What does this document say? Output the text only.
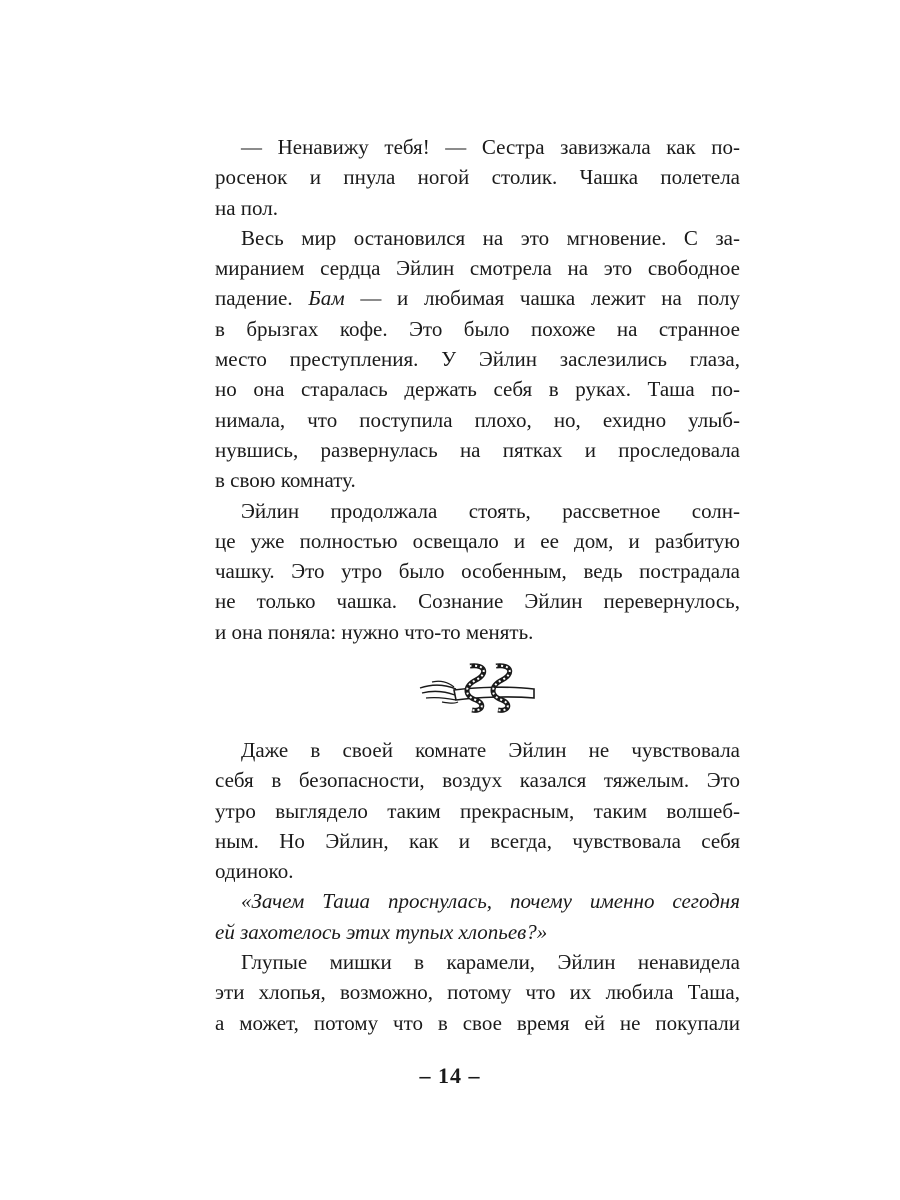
— Ненавижу тебя! — Сестра завизжала как по-
росенок и пнула ногой столик. Чашка полетела
на пол.
Весь мир остановился на это мгновение. С за-
миранием сердца Эйлин смотрела на это свободное
падение. Бам — и любимая чашка лежит на полу
в брызгах кофе. Это было похоже на странное
место преступления. У Эйлин заслезились глаза,
но она старалась держать себя в руках. Таша по-
нимала, что поступила плохо, но, ехидно улыб-
нувшись, развернулась на пятках и проследовала
в свою комнату.
Эйлин продолжала стоять, рассветное солн-
це уже полностью освещало и ее дом, и разбитую
чашку. Это утро было особенным, ведь пострадала
не только чашка. Сознание Эйлин перевернулось,
и она поняла: нужно что-то менять.
Даже в своей комнате Эйлин не чувствовала
себя в безопасности, воздух казался тяжелым. Это
утро выглядело таким прекрасным, таким волшеб-
ным. Но Эйлин, как и всегда, чувствовала себя
одиноко.
«Зачем Таша проснулась, почему именно сегодня
ей захотелось этих тупых хлопьев?»
Глупые мишки в карамели, Эйлин ненавидела
эти хлопья, возможно, потому что их любила Таша,
а может, потому что в свое время ей не покупали
– 14 –
